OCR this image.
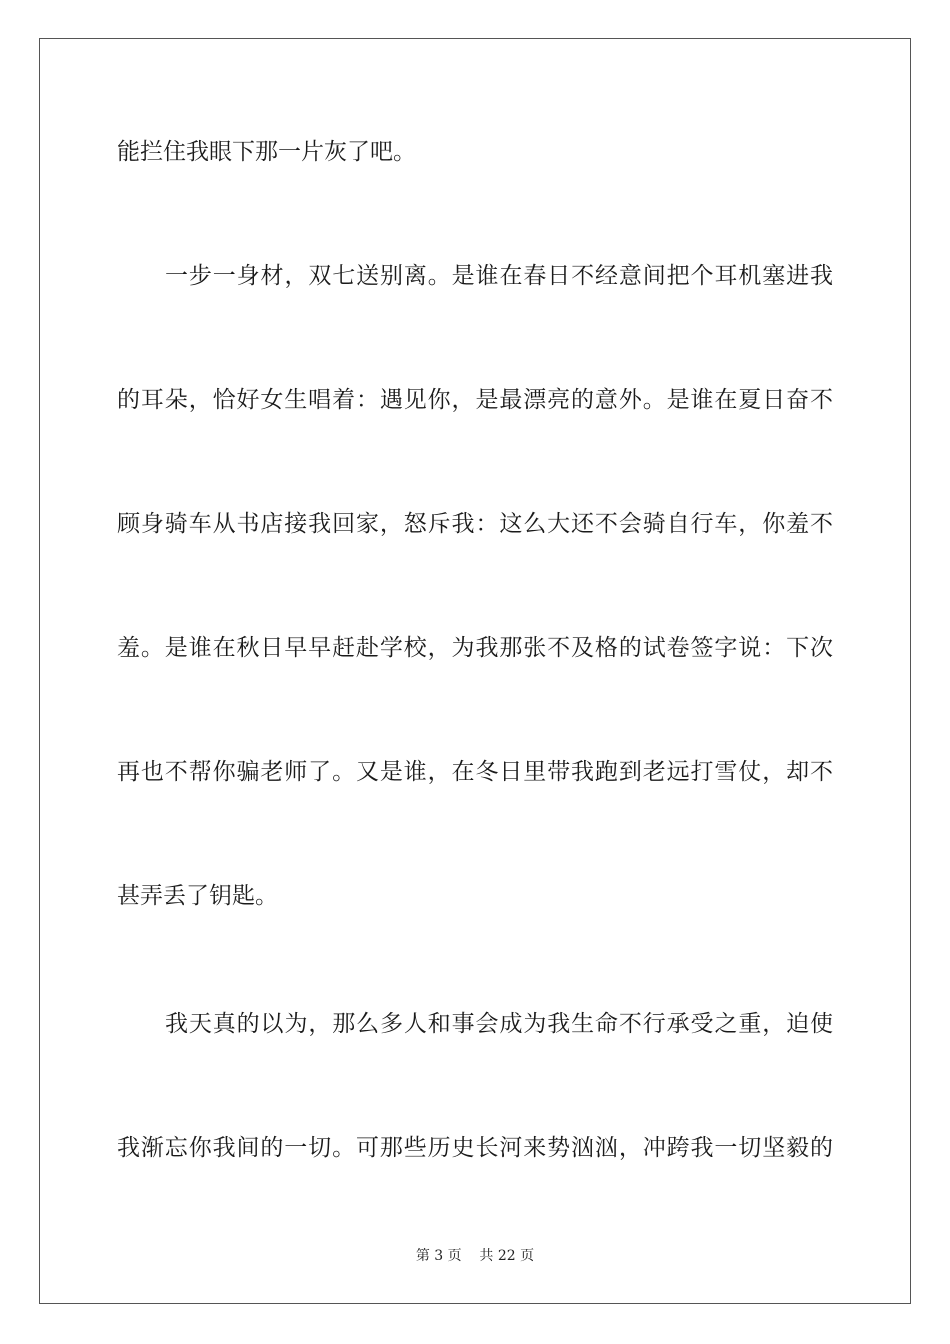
能拦住我眼下那一片灰了吧。
一步一身材，双七送别离。是谁在春日不经意间把个耳机塞进我
的耳朵，恰好女生唱着：遇见你，是最漂亮的意外。是谁在夏日奋不
顾身骑车从书店接我回家，怒斥我：这么大还不会骑自行车，你羞不
羞。是谁在秋日早早赶赴学校，为我那张不及格的试卷签字说：下次
再也不帮你骗老师了。又是谁，在冬日里带我跑到老远打雪仗，却不
甚弄丢了钥匙。
我天真的以为，那么多人和事会成为我生命不行承受之重，迫使
我渐忘你我间的一切。可那些历史长河来势汹汹，冲跨我一切坚毅的
第 3 页    共 22 页
